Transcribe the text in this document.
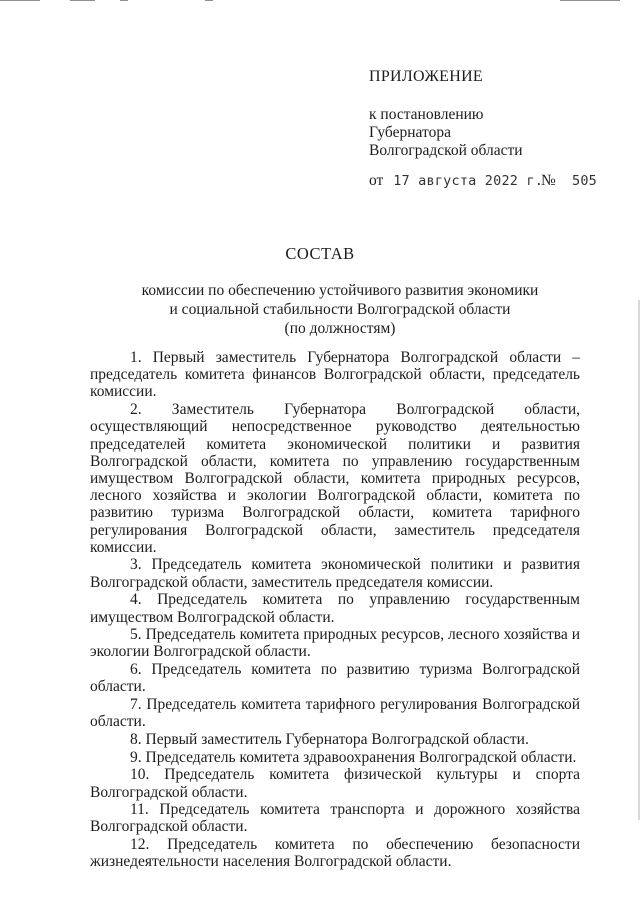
ПРИЛОЖЕНИЕ
к постановлению
Губернатора
Волгоградской области
от 17 августа 2022 г.
№ 505
СОСТАВ
комиссии по обеспечению устойчивого развития экономики
и социальной стабильности Волгоградской области
(по должностям)
1. Первый заместитель Губернатора Волгоградской области – председатель комитета финансов Волгоградской области, председатель комиссии.
2. Заместитель Губернатора Волгоградской области, осуществляющий непосредственное руководство деятельностью председателей комитета экономической политики и развития Волгоградской области, комитета по управлению государственным имуществом Волгоградской области, комитета природных ресурсов, лесного хозяйства и экологии Волгоградской области, комитета по развитию туризма Волгоградской области, комитета тарифного регулирования Волгоградской области, заместитель председателя комиссии.
3. Председатель комитета экономической политики и развития Волгоградской области, заместитель председателя комиссии.
4. Председатель комитета по управлению государственным имуществом Волгоградской области.
5. Председатель комитета природных ресурсов, лесного хозяйства и экологии Волгоградской области.
6. Председатель комитета по развитию туризма Волгоградской области.
7. Председатель комитета тарифного регулирования Волгоградской области.
8. Первый заместитель Губернатора Волгоградской области.
9. Председатель комитета здравоохранения Волгоградской области.
10. Председатель комитета физической культуры и спорта Волгоградской области.
11. Председатель комитета транспорта и дорожного хозяйства Волгоградской области.
12. Председатель комитета по обеспечению безопасности жизнедеятельности населения Волгоградской области.
